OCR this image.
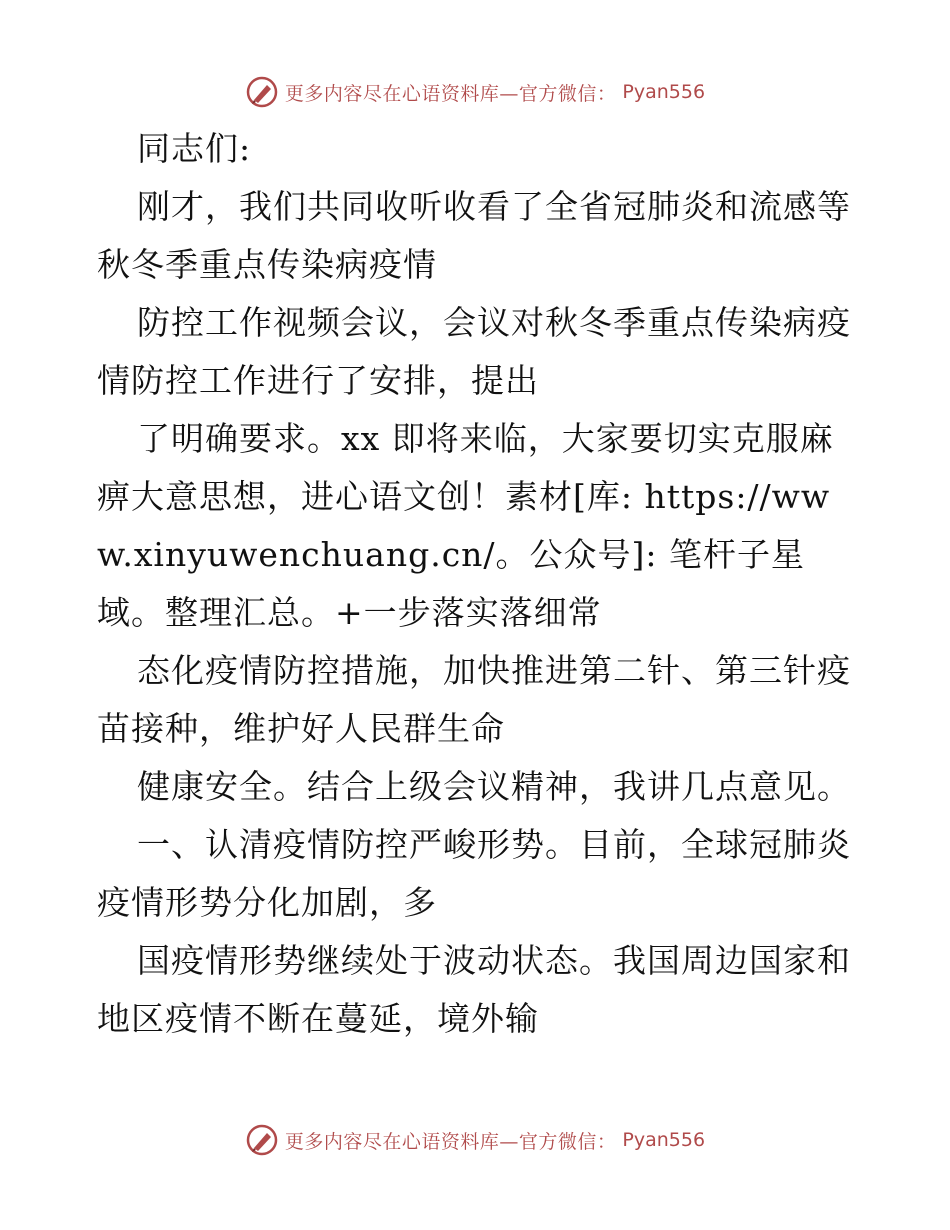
更多内容尽在心语资料库—官方微信： Pyan556

同志们:

刚才，我们共同收听收看了全省冠肺炎和流感等秋冬季重点传染病疫情

防控工作视频会议，会议对秋冬季重点传染病疫情防控工作进行了安排，提出

了明确要求。xx 即将来临，大家要切实克服麻痹大意思想，进心语文创！素材[库: https://www.xinyuwenchuang.cn/。公众号]: 笔杆子星域。整理汇总。+一步落实落细常

态化疫情防控措施，加快推进第二针、第三针疫苗接种，维护好人民群生命

健康安全。结合上级会议精神，我讲几点意见。

一、认清疫情防控严峻形势。目前，全球冠肺炎疫情形势分化加剧，多

国疫情形势继续处于波动状态。我国周边国家和地区疫情不断在蔓延，境外输

更多内容尽在心语资料库—官方微信： Pyan556
